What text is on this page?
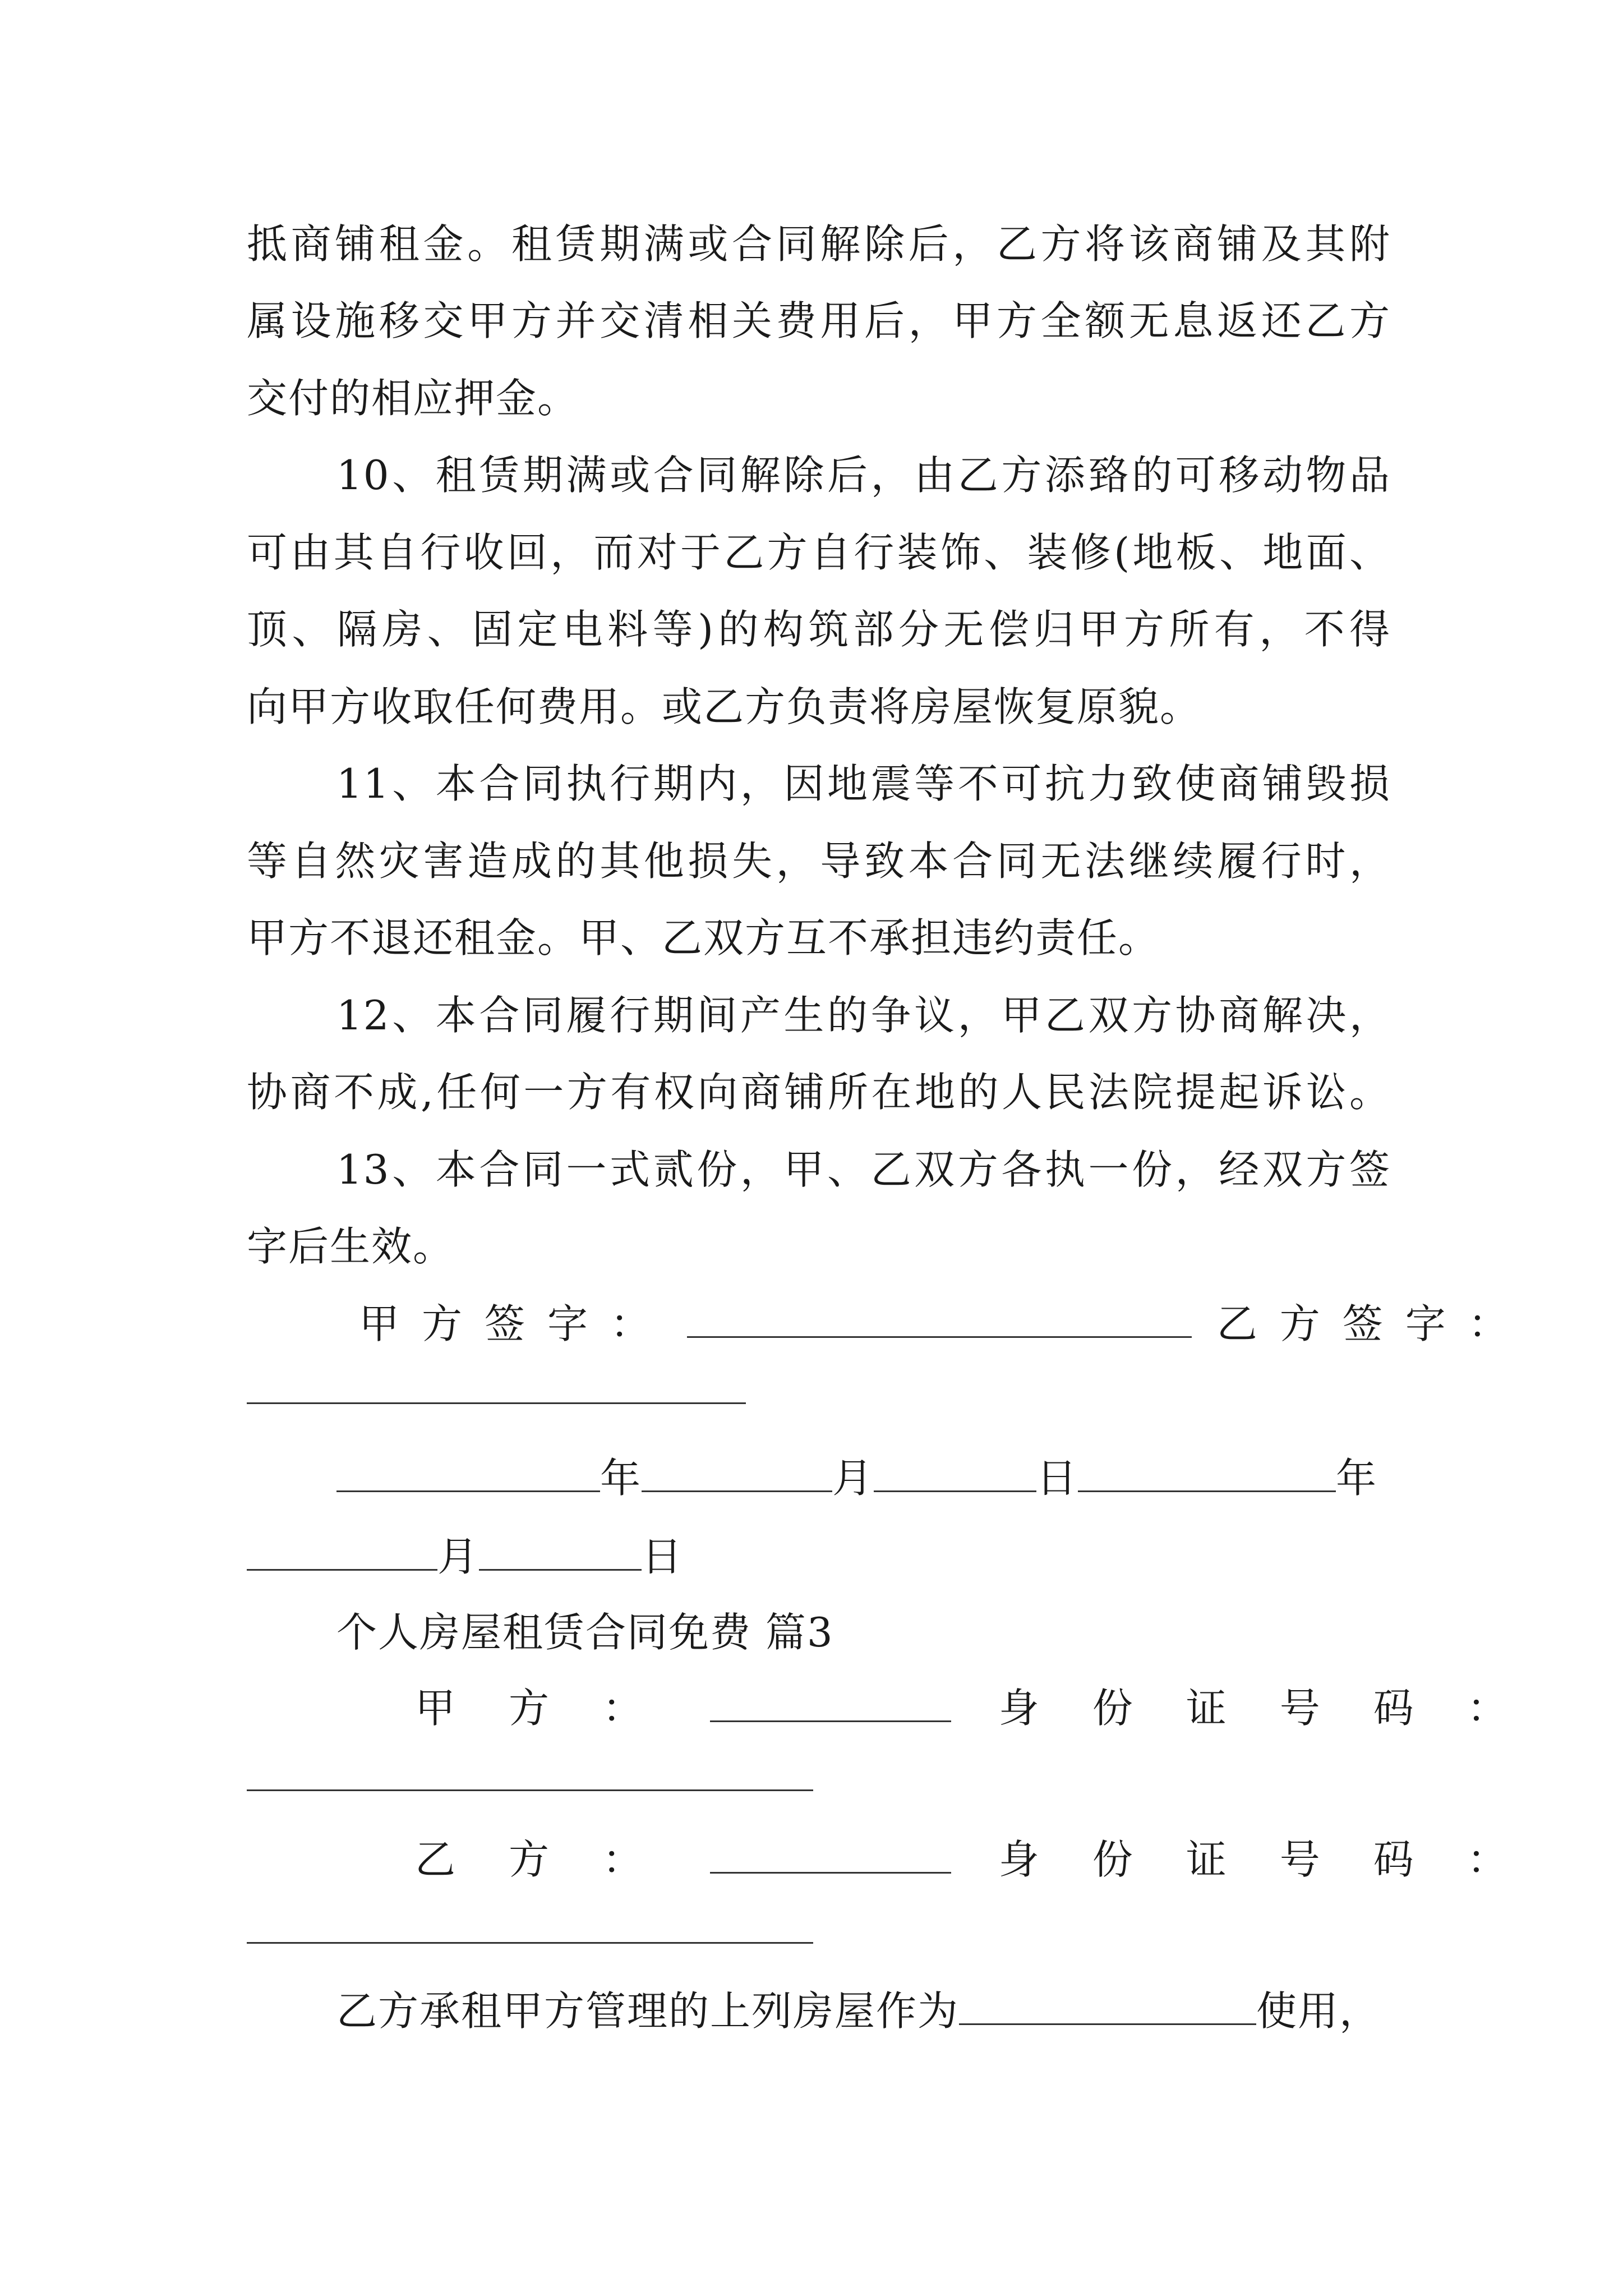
抵商铺租金。租赁期满或合同解除后，乙方将该商铺及其附
属设施移交甲方并交清相关费用后，甲方全额无息返还乙方
交付的相应押金。
10、租赁期满或合同解除后，由乙方添臵的可移动物品
可由其自行收回，而对于乙方自行装饰、装修(地板、地面、
顶、隔房、固定电料等)的构筑部分无偿归甲方所有，不得
向甲方收取任何费用。或乙方负责将房屋恢复原貌。
11、本合同执行期内，因地震等不可抗力致使商铺毁损
等自然灾害造成的其他损失，导致本合同无法继续履行时，
甲方不退还租金。甲、乙双方互不承担违约责任。
12、本合同履行期间产生的争议，甲乙双方协商解决，
协商不成,任何一方有权向商铺所在地的人民法院提起诉讼。
13、本合同一式贰份，甲、乙双方各执一份，经双方签
字后生效。
甲方签字：	乙方签字：
年	月	日	年
月	日
个人房屋租赁合同免费 篇3
甲方：	身份证号码：
乙方：	身份证号码：
乙方承租甲方管理的上列房屋作为	使用，
